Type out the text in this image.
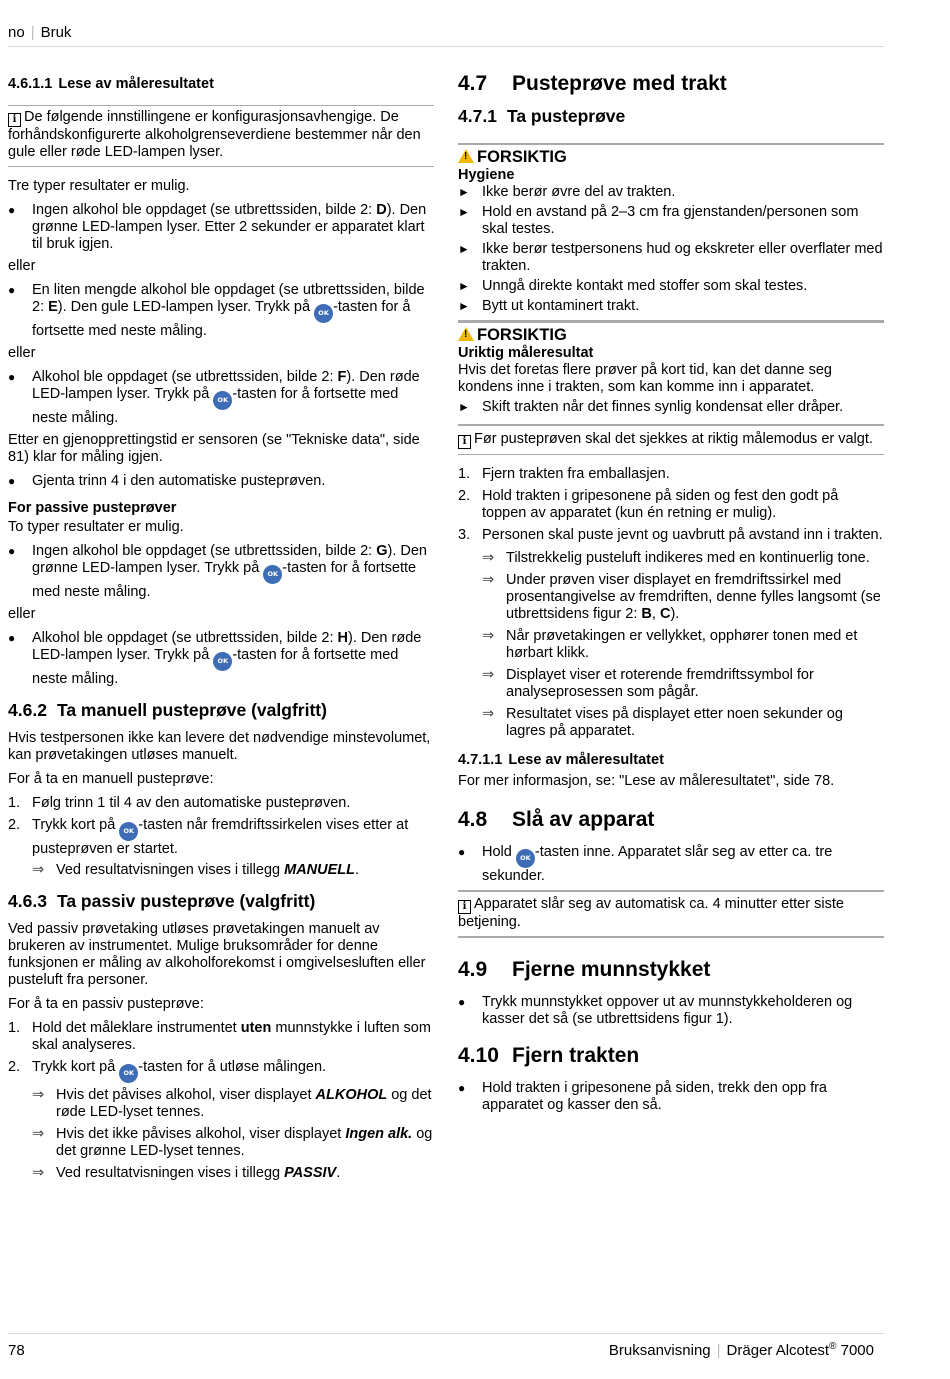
no | Bruk
4.6.1.1 Lese av måleresultatet
i De følgende innstillingene er konfigurasjonsavhengige. De forhåndskonfigurerte alkoholgrenseverdiene bestemmer når den gule eller røde LED-lampen lyser.

Tre typer resultater er mulig.

● Ingen alkohol ble oppdaget (se utbrettssiden, bilde 2: D). Den grønne LED-lampen lyser. Etter 2 sekunder er apparatet klart til bruk igjen.

eller

● En liten mengde alkohol ble oppdaget (se utbrettssiden, bilde 2: E). Den gule LED-lampen lyser. Trykk på OK -tasten for å fortsette med neste måling.

eller

● Alkohol ble oppdaget (se utbrettssiden, bilde 2: F). Den røde LED-lampen lyser. Trykk på OK -tasten for å fortsette med neste måling.

Etter en gjenopprettingstid er sensoren (se "Tekniske data", side 81) klar for måling igjen.

● Gjenta trinn 4 i den automatiske pusteprøven.
For passive pusteprøver

To typer resultater er mulig.

● Ingen alkohol ble oppdaget (se utbrettssiden, bilde 2: G). Den grønne LED-lampen lyser. Trykk på OK -tasten for å fortsette med neste måling.

eller

● Alkohol ble oppdaget (se utbrettssiden, bilde 2: H). Den røde LED-lampen lyser. Trykk på OK -tasten for å fortsette med neste måling.
4.6.2 Ta manuell pusteprøve (valgfritt)

Hvis testpersonen ikke kan levere det nødvendige minstevolumet, kan prøvetakingen utløses manuelt.

For å ta en manuell pusteprøve:

1. Følg trinn 1 til 4 av den automatiske pusteprøven.
2. Trykk kort på OK -tasten når fremdriftssirkelen vises etter at pusteprøven er startet.
⇒ Ved resultatvisningen vises i tillegg MANUELL.
4.6.3 Ta passiv pusteprøve (valgfritt)

Ved passiv prøvetaking utløses prøvetakingen manuelt av brukeren av instrumentet. Mulige bruksområder for denne funksjonen er måling av alkoholforekomst i omgivelsesluften eller pusteluft fra personer.

For å ta en passiv pusteprøve:

1. Hold det måleklare instrumentet uten munnstykke i luften som skal analyseres.
2. Trykk kort på OK -tasten for å utløse målingen.
⇒ Hvis det påvises alkohol, viser displayet ALKOHOL og det røde LED-lyset tennes.
⇒ Hvis det ikke påvises alkohol, viser displayet Ingen alk. og det grønne LED-lyset tennes.
⇒ Ved resultatvisningen vises i tillegg PASSIV.
4.7 Pusteprøve med trakt
4.7.1 Ta pusteprøve
!FORSIKTIG
Hygiene
► Ikke berør øvre del av trakten.
► Hold en avstand på 2–3 cm fra gjenstanden/personen som skal testes.
► Ikke berør testpersonens hud og ekskreter eller overflater med trakten.
► Unngå direkte kontakt med stoffer som skal testes.
► Bytt ut kontaminert trakt.
!FORSIKTIG
Uriktig måleresultat

Hvis det foretas flere prøver på kort tid, kan det danne seg kondens inne i trakten, som kan komme inn i apparatet.

► Skift trakten når det finnes synlig kondensat eller dråper.
i Før pusteprøven skal det sjekkes at riktig målemodus er valgt.
1. Fjern trakten fra emballasjen.
2. Hold trakten i gripesonene på siden og fest den godt på toppen av apparatet (kun én retning er mulig).
3. Personen skal puste jevnt og uavbrutt på avstand inn i trakten.
⇒ Tilstrekkelig pusteluft indikeres med en kontinuerlig tone.
⇒ Under prøven viser displayet en fremdriftssirkel med prosentangivelse av fremdriften, denne fylles langsomt (se utbrettsidens figur 2: B, C).
⇒ Når prøvetakingen er vellykket, opphører tonen med et hørbart klikk.
⇒ Displayet viser et roterende fremdriftssymbol for analyseprosessen som pågår.
⇒ Resultatet vises på displayet etter noen sekunder og lagres på apparatet.
4.7.1.1 Lese av måleresultatet

For mer informasjon, se: "Lese av måleresultatet", side 78.

4.8 Slå av apparat
● Hold OK -tasten inne. Apparatet slår seg av etter ca. tre sekunder.
i Apparatet slår seg av automatisk ca. 4 minutter etter siste betjening.
4.9 Fjerne munnstykket
● Trykk munnstykket oppover ut av munnstykkeholderen og kasser det så (se utbrettsidens figur 1).
4.10 Fjern trakten
● Hold trakten i gripesonene på siden, trekk den opp fra apparatet og kasser den så.
78	Bruksanvisning | Dräger Alcotest® 7000
